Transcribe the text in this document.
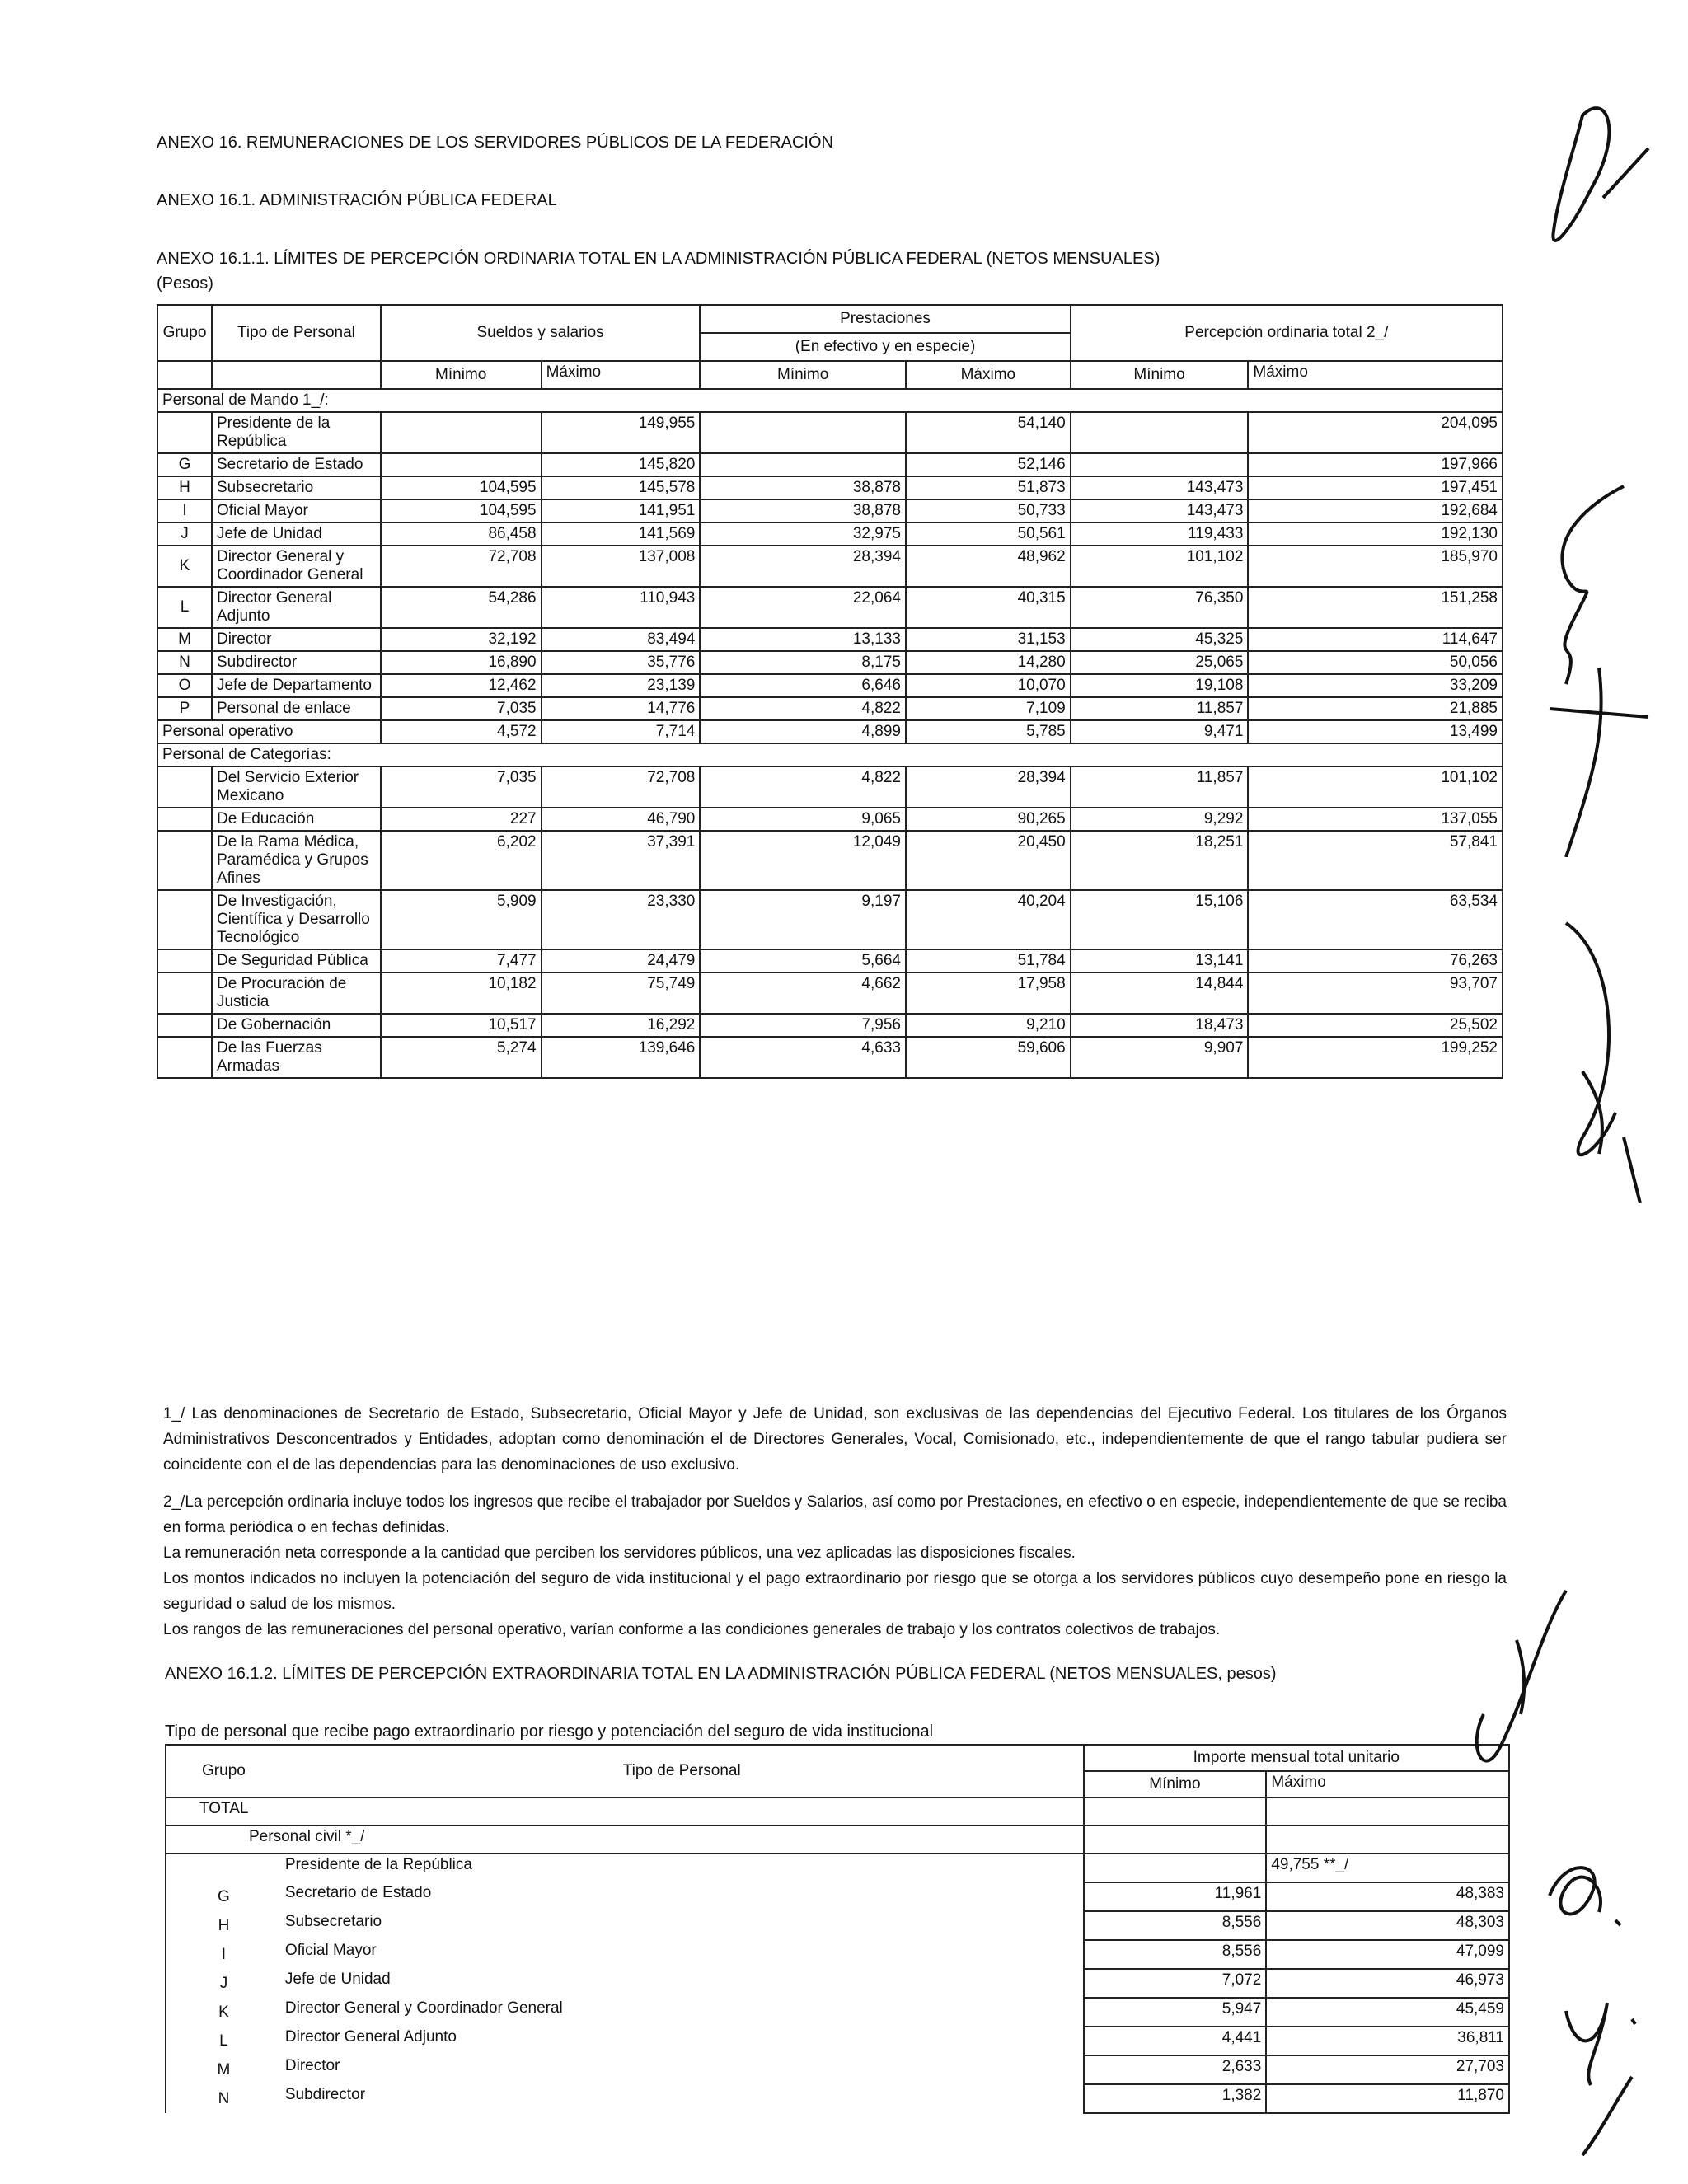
ANEXO 16. REMUNERACIONES DE LOS SERVIDORES PÚBLICOS DE LA FEDERACIÓN
ANEXO 16.1. ADMINISTRACIÓN PÚBLICA FEDERAL
ANEXO 16.1.1. LÍMITES DE PERCEPCIÓN ORDINARIA TOTAL EN LA ADMINISTRACIÓN PÚBLICA FEDERAL (NETOS MENSUALES)
(Pesos)
Grupo	Tipo de Personal	Sueldos y salarios		Prestaciones		Percepción ordinaria total 2_/	
				(En efectivo y en especie)			
		Mínimo	Máximo	Mínimo	Máximo	Mínimo	Máximo
Personal de Mando 1_/:							
	Presidente de la República		149,955		54,140		204,095
G	Secretario de Estado		145,820		52,146		197,966
H	Subsecretario	104,595	145,578	38,878	51,873	143,473	197,451
I	Oficial Mayor	104,595	141,951	38,878	50,733	143,473	192,684
J	Jefe de Unidad	86,458	141,569	32,975	50,561	119,433	192,130
K	Director General y Coordinador General	72,708	137,008	28,394	48,962	101,102	185,970
L	Director General Adjunto	54,286	110,943	22,064	40,315	76,350	151,258
M	Director	32,192	83,494	13,133	31,153	45,325	114,647
N	Subdirector	16,890	35,776	8,175	14,280	25,065	50,056
O	Jefe de Departamento	12,462	23,139	6,646	10,070	19,108	33,209
P	Personal de enlace	7,035	14,776	4,822	7,109	11,857	21,885
Personal operativo		4,572	7,714	4,899	5,785	9,471	13,499
Personal de Categorías:							
	Del Servicio Exterior Mexicano	7,035	72,708	4,822	28,394	11,857	101,102
	De Educación	227	46,790	9,065	90,265	9,292	137,055
	De la Rama Médica, Paramédica y Grupos Afines	6,202	37,391	12,049	20,450	18,251	57,841
	De Investigación, Científica y Desarrollo Tecnológico	5,909	23,330	9,197	40,204	15,106	63,534
	De Seguridad Pública	7,477	24,479	5,664	51,784	13,141	76,263
	De Procuración de Justicia	10,182	75,749	4,662	17,958	14,844	93,707
	De Gobernación	10,517	16,292	7,956	9,210	18,473	25,502
	De las Fuerzas Armadas	5,274	139,646	4,633	59,606	9,907	199,252

1_/ Las denominaciones de Secretario de Estado, Subsecretario, Oficial Mayor y Jefe de Unidad, son exclusivas de las dependencias del Ejecutivo Federal. Los titulares de los Órganos Administrativos Desconcentrados y Entidades, adoptan como denominación el de Directores Generales, Vocal, Comisionado, etc., independientemente de que el rango tabular pudiera ser coincidente con el de las dependencias para las denominaciones de uso exclusivo.

2_/La percepción ordinaria incluye todos los ingresos que recibe el trabajador por Sueldos y Salarios, así como por Prestaciones, en efectivo o en especie, independientemente de que se reciba en forma periódica o en fechas definidas.

La remuneración neta corresponde a la cantidad que perciben los servidores públicos, una vez aplicadas las disposiciones fiscales.

Los montos indicados no incluyen la potenciación del seguro de vida institucional y el pago extraordinario por riesgo que se otorga a los servidores públicos cuyo desempeño pone en riesgo la seguridad o salud de los mismos.

Los rangos de las remuneraciones del personal operativo, varían conforme a las condiciones generales de trabajo y los contratos colectivos de trabajos.

ANEXO 16.1.2. LÍMITES DE PERCEPCIÓN EXTRAORDINARIA TOTAL EN LA ADMINISTRACIÓN PÚBLICA FEDERAL (NETOS MENSUALES, pesos)
Tipo de personal que recibe pago extraordinario por riesgo y potenciación del seguro de vida institucional
Grupo	Tipo de Personal	Importe mensual total unitario	
		Mínimo	Máximo
TOTAL			
Personal civil *_/			
	Presidente de la República		49,755 **_/
G	Secretario de Estado	11,961	48,383
H	Subsecretario	8,556	48,303
I	Oficial Mayor	8,556	47,099
J	Jefe de Unidad	7,072	46,973
K	Director General y Coordinador General	5,947	45,459
L	Director General Adjunto	4,441	36,811
M	Director	2,633	27,703
N	Subdirector	1,382	11,870
